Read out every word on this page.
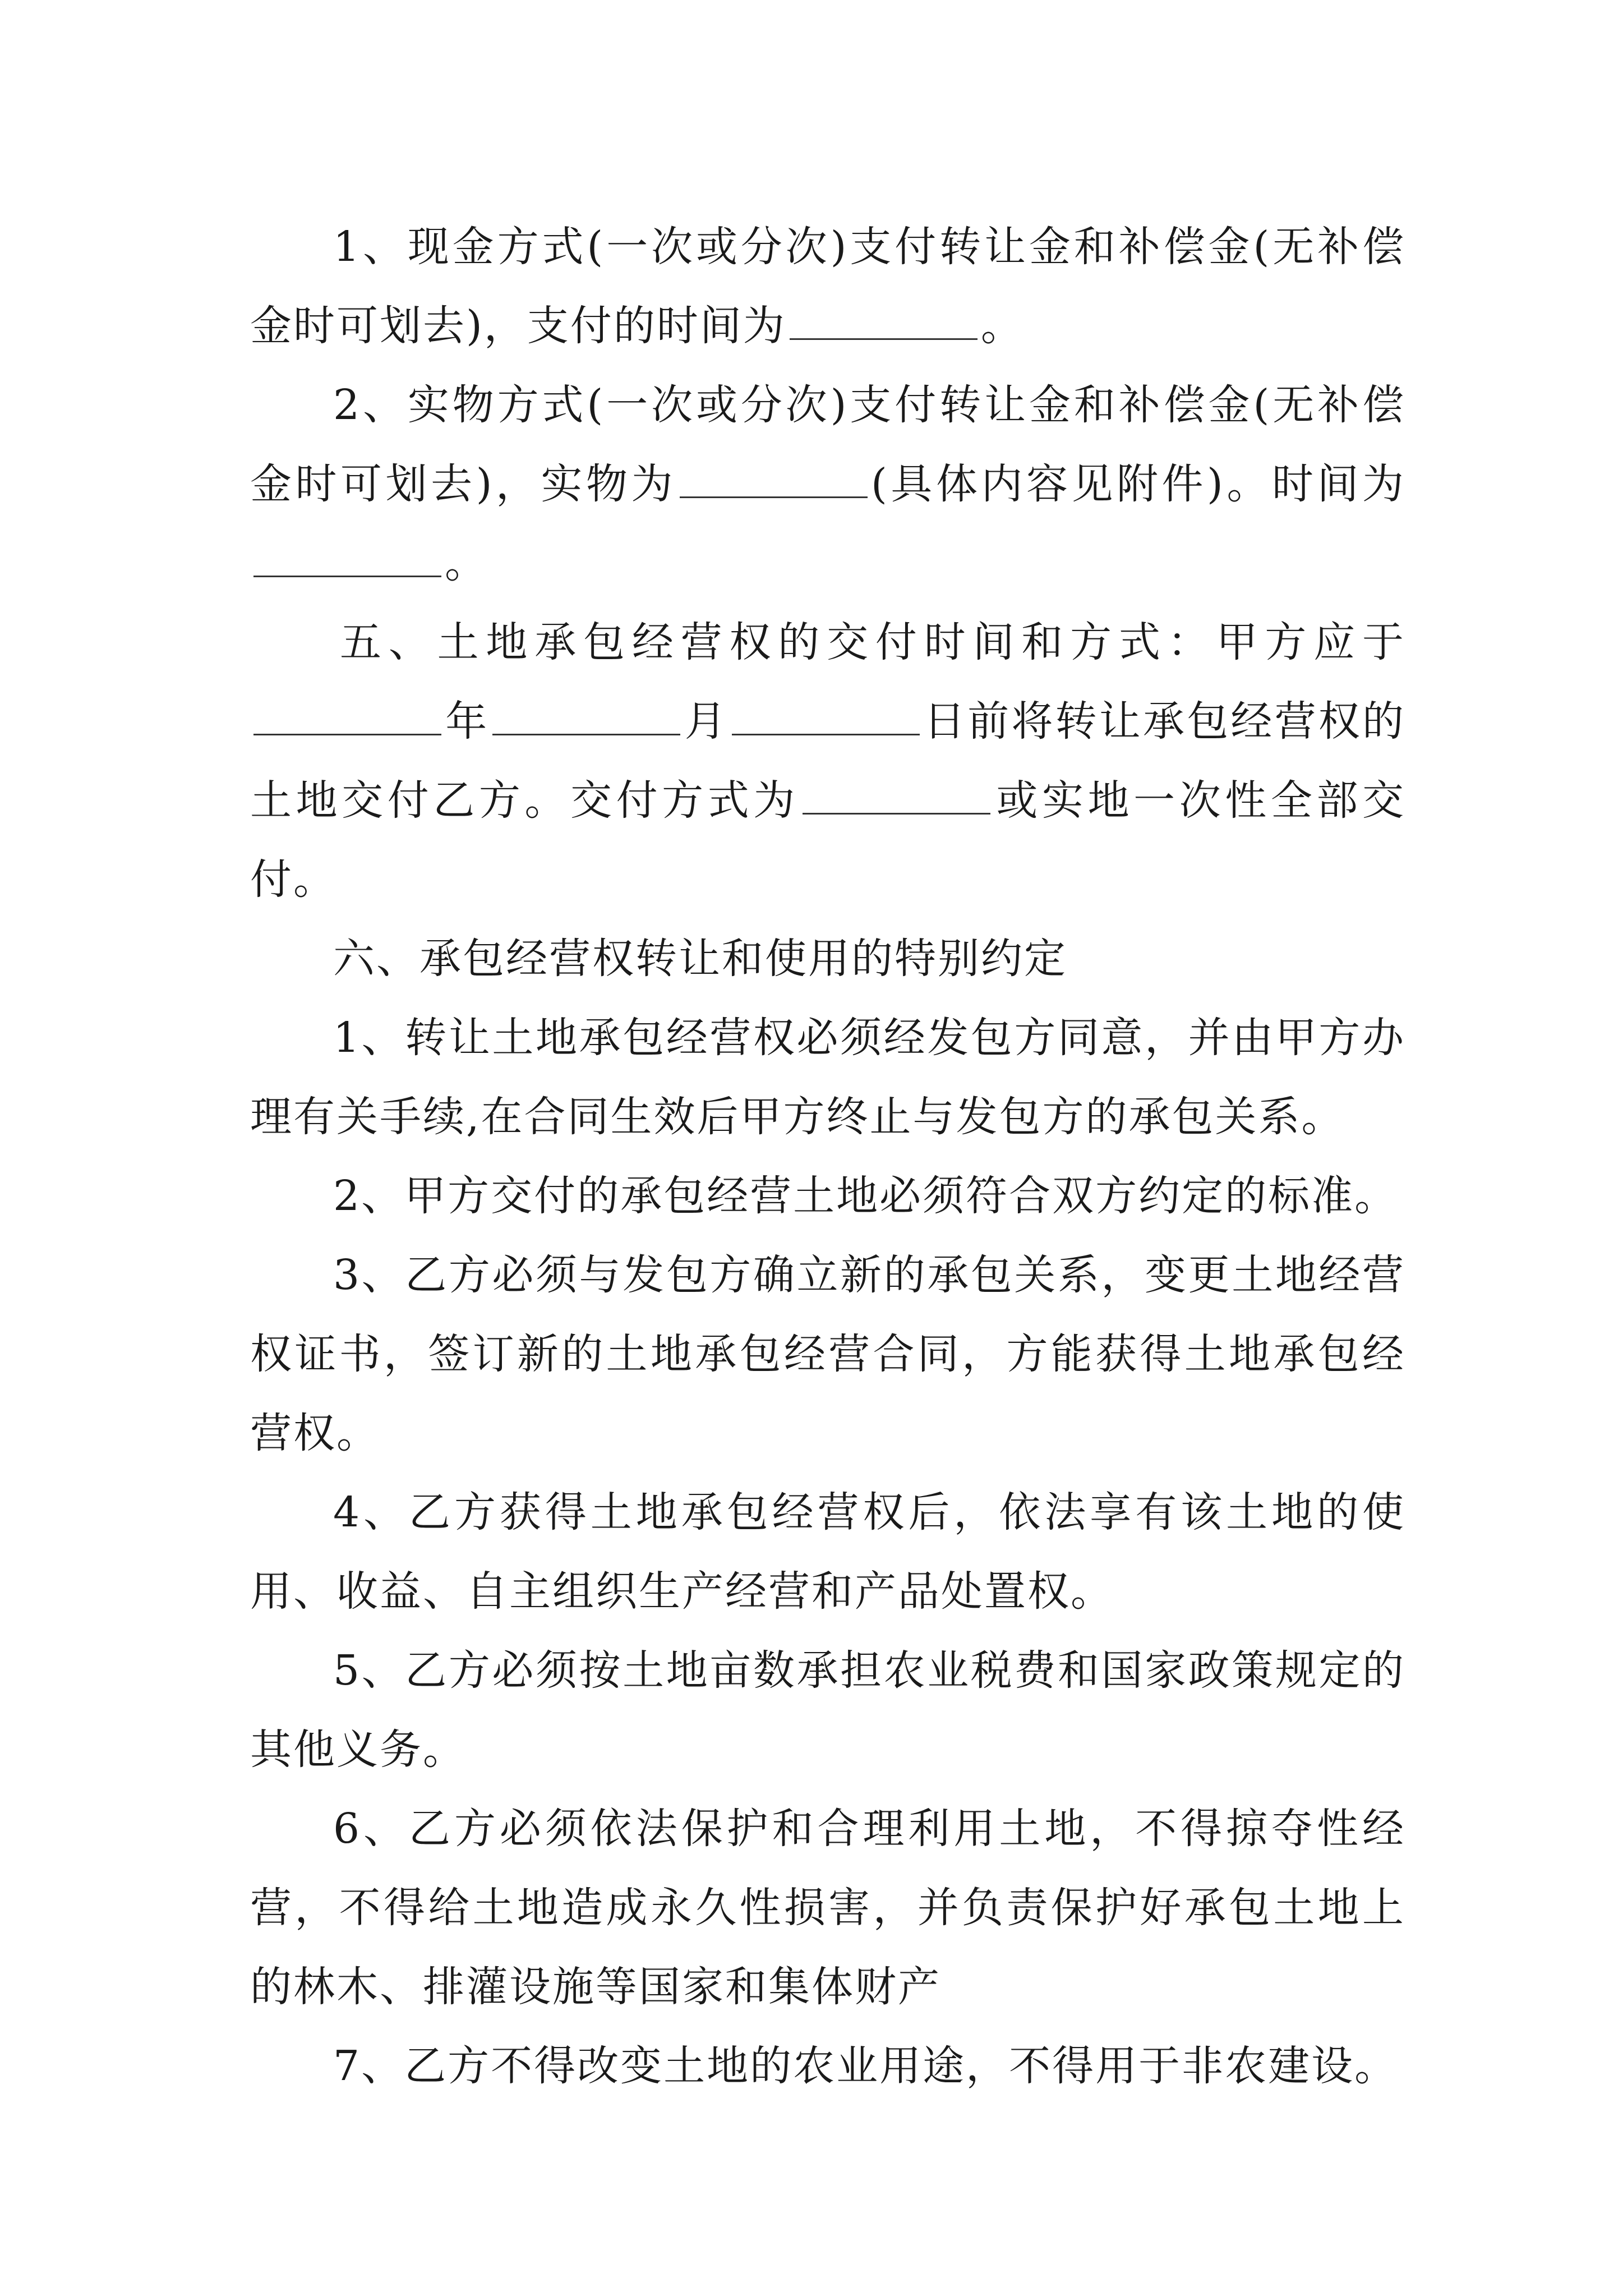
1、现金方式(一次或分次)支付转让金和补偿金(无补偿金时可划去)，支付的时间为	。

2、实物方式(一次或分次)支付转让金和补偿金(无补偿金时可划去)，实物为	(具体内容见附件)。时间为。

五、土地承包经营权的交付时间和方式：甲方应于年	月	日前将转让承包经营权的土地交付乙方。交付方式为	或实地一次性全部交付。

六、承包经营权转让和使用的特别约定

1、转让土地承包经营权必须经发包方同意，并由甲方办理有关手续,在合同生效后甲方终止与发包方的承包关系。

2、甲方交付的承包经营土地必须符合双方约定的标准。

3、乙方必须与发包方确立新的承包关系，变更土地经营权证书，签订新的土地承包经营合同，方能获得土地承包经营权。

4、乙方获得土地承包经营权后，依法享有该土地的使用、收益、自主组织生产经营和产品处置权。

5、乙方必须按土地亩数承担农业税费和国家政策规定的其他义务。

6、乙方必须依法保护和合理利用土地，不得掠夺性经营，不得给土地造成永久性损害，并负责保护好承包土地上的林木、排灌设施等国家和集体财产

7、乙方不得改变土地的农业用途，不得用于非农建设。
